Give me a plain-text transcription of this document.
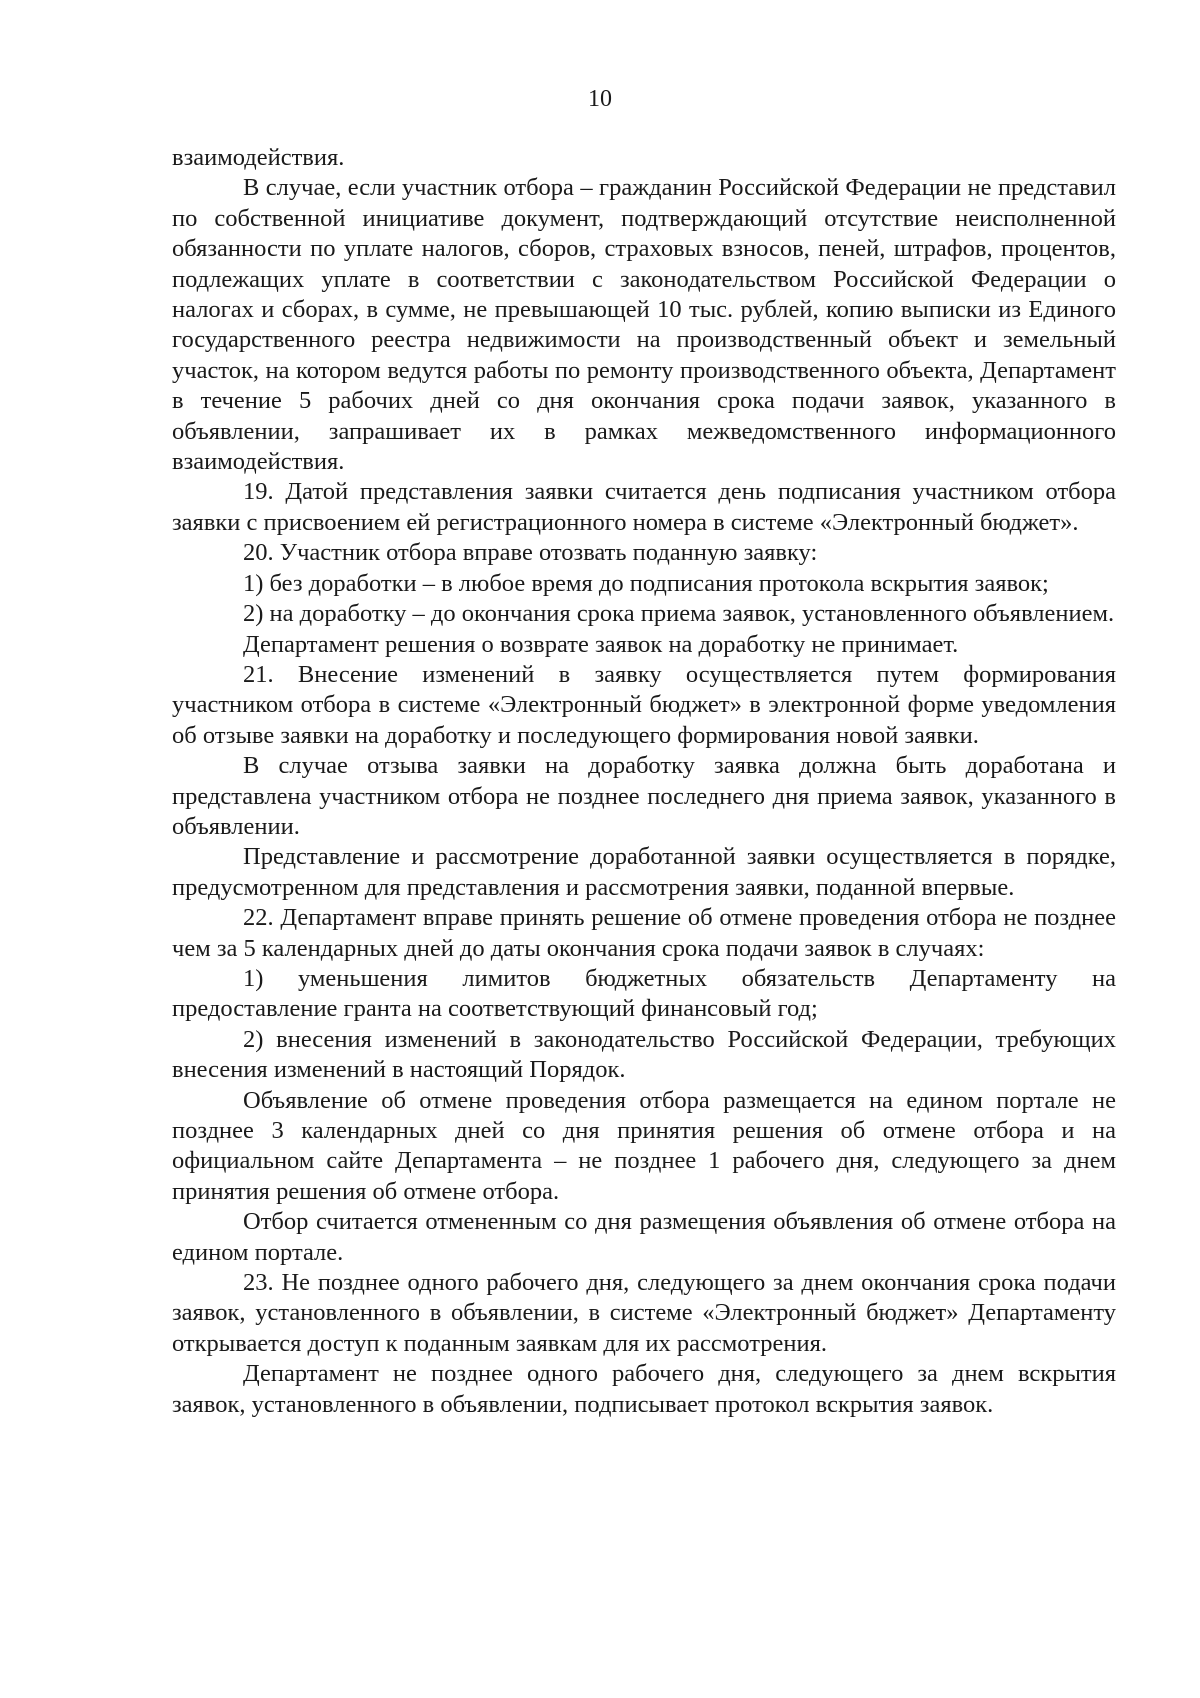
10

взаимодействия.

В случае, если участник отбора – гражданин Российской Федерации не представил по собственной инициативе документ, подтверждающий отсутствие неисполненной обязанности по уплате налогов, сборов, страховых взносов, пеней, штрафов, процентов, подлежащих уплате в соответствии с законодательством Российской Федерации о налогах и сборах, в сумме, не превышающей 10 тыс. рублей, копию выписки из Единого государственного реестра недвижимости на производственный объект и земельный участок, на котором ведутся работы по ремонту производственного объекта, Департамент в течение 5 рабочих дней со дня окончания срока подачи заявок, указанного в объявлении, запрашивает их в рамках межведомственного информационного взаимодействия.

19. Датой представления заявки считается день подписания участником отбора заявки с присвоением ей регистрационного номера в системе «Электронный бюджет».

20. Участник отбора вправе отозвать поданную заявку:

1) без доработки – в любое время до подписания протокола вскрытия заявок;

2) на доработку – до окончания срока приема заявок, установленного объявлением.

Департамент решения о возврате заявок на доработку не принимает.

21. Внесение изменений в заявку осуществляется путем формирования участником отбора в системе «Электронный бюджет» в электронной форме уведомления об отзыве заявки на доработку и последующего формирования новой заявки.

В случае отзыва заявки на доработку заявка должна быть доработана и представлена участником отбора не позднее последнего дня приема заявок, указанного в объявлении.

Представление и рассмотрение доработанной заявки осуществляется в порядке, предусмотренном для представления и рассмотрения заявки, поданной впервые.

22. Департамент вправе принять решение об отмене проведения отбора не позднее чем за 5 календарных дней до даты окончания срока подачи заявок в случаях:

1) уменьшения лимитов бюджетных обязательств Департаменту на предоставление гранта на соответствующий финансовый год;

2) внесения изменений в законодательство Российской Федерации, требующих внесения изменений в настоящий Порядок.

Объявление об отмене проведения отбора размещается на едином портале не позднее 3 календарных дней со дня принятия решения об отмене отбора и на официальном сайте Департамента – не позднее 1 рабочего дня, следующего за днем принятия решения об отмене отбора.

Отбор считается отмененным со дня размещения объявления об отмене отбора на едином портале.

23. Не позднее одного рабочего дня, следующего за днем окончания срока подачи заявок, установленного в объявлении, в системе «Электронный бюджет» Департаменту открывается доступ к поданным заявкам для их рассмотрения.

Департамент не позднее одного рабочего дня, следующего за днем вскрытия заявок, установленного в объявлении, подписывает протокол вскрытия заявок.
